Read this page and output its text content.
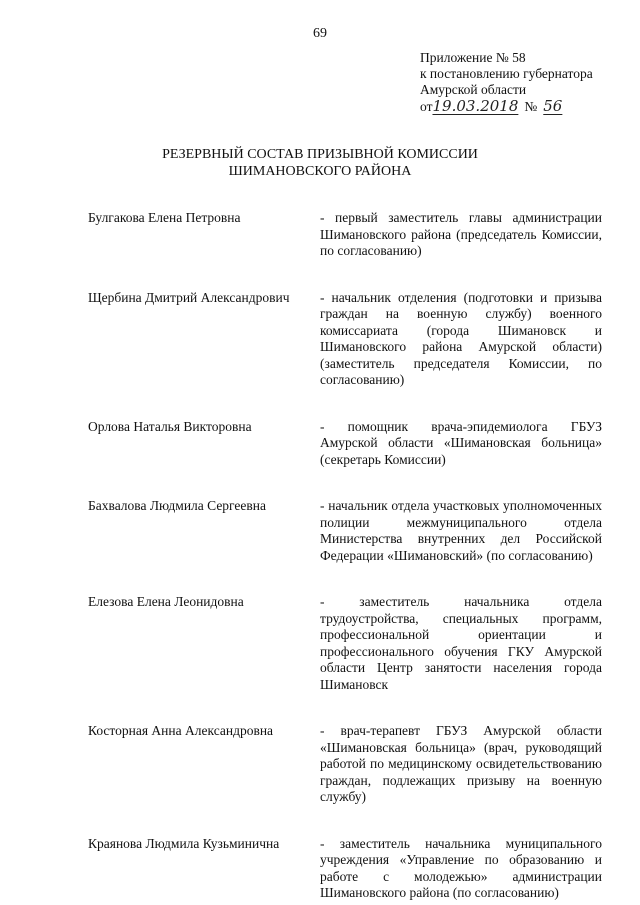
69
Приложение № 58
к постановлению губернатора
Амурской области
от 19.03.2018 № 56
РЕЗЕРВНЫЙ СОСТАВ ПРИЗЫВНОЙ КОМИССИИ
ШИМАНОВСКОГО РАЙОНА
Булгакова Елена Петровна	- первый заместитель главы администрации Шимановского района (председатель Комиссии, по согласованию)
Щербина Дмитрий Александрович	- начальник отделения (подготовки и призыва граждан на военную службу) военного комиссариата (города Шимановск и Шимановского района Амурской области) (заместитель председателя Комиссии, по согласованию)
Орлова Наталья Викторовна	- помощник врача-эпидемиолога ГБУЗ Амурской области «Шимановская больница» (секретарь Комиссии)
Бахвалова Людмила Сергеевна	- начальник отдела участковых уполномоченных полиции межмуниципального отдела Министерства внутренних дел Российской Федерации «Шимановский» (по согласованию)
Елезова Елена Леонидовна	- заместитель начальника отдела трудоустройства, специальных программ, профессиональной ориентации и профессионального обучения ГКУ Амурской области Центр занятости населения города Шимановск
Косторная Анна Александровна	- врач-терапевт ГБУЗ Амурской области «Шимановская больница» (врач, руководящий работой по медицинскому освидетельствованию граждан, подлежащих призыву на военную службу)
Краянова Людмила Кузьминична	- заместитель начальника муниципального учреждения «Управление по образованию и работе с молодежью» администрации Шимановского района (по согласованию)
